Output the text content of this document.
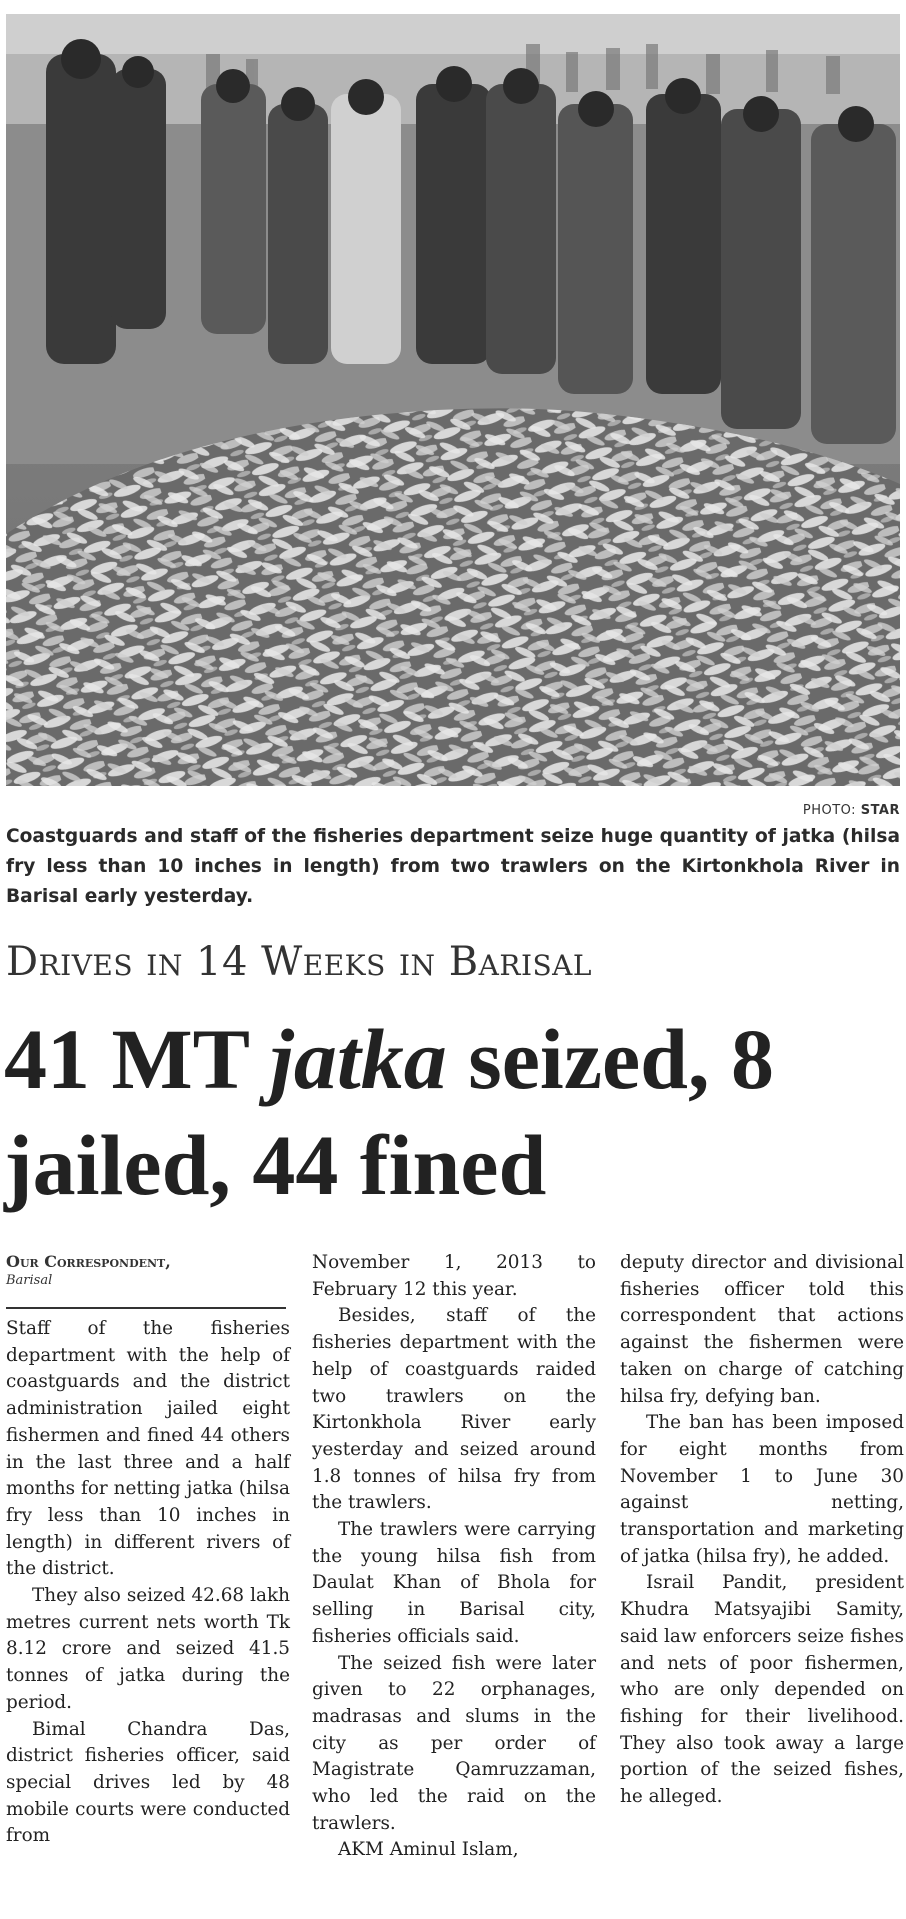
PHOTO: STAR
Coastguards and staff of the fisheries department seize huge quantity of jatka (hilsa fry less than 10 inches in length) from two trawlers on the Kirtonkhola River in Barisal early yesterday.
Drives in 14 Weeks in Barisal
41 MT jatka seized, 8 jailed, 44 fined
Our Correspondent,
Barisal

Staff of the fisheries department with the help of coastguards and the district administration jailed eight fishermen and fined 44 others in the last three and a half months for netting jatka (hilsa fry less than 10 inches in length) in different rivers of the district.

They also seized 42.68 lakh metres current nets worth Tk 8.12 crore and seized 41.5 tonnes of jatka during the period.

Bimal Chandra Das, district fisheries officer, said special drives led by 48 mobile courts were conducted from

November 1, 2013 to February 12 this year.

Besides, staff of the fisheries department with the help of coastguards raided two trawlers on the Kirtonkhola River early yesterday and seized around 1.8 tonnes of hilsa fry from the trawlers.

The trawlers were carrying the young hilsa fish from Daulat Khan of Bhola for selling in Barisal city, fisheries officials said.

The seized fish were later given to 22 orphanages, madrasas and slums in the city as per order of Magistrate Qamruzzaman, who led the raid on the trawlers.

AKM Aminul Islam,

deputy director and divisional fisheries officer told this correspondent that actions against the fishermen were taken on charge of catching hilsa fry, defying ban.

The ban has been imposed for eight months from November 1 to June 30 against netting, transportation and marketing of jatka (hilsa fry), he added.

Israil Pandit, president Khudra Matsyajibi Samity, said law enforcers seize fishes and nets of poor fishermen, who are only depended on fishing for their livelihood. They also took away a large portion of the seized fishes, he alleged.
